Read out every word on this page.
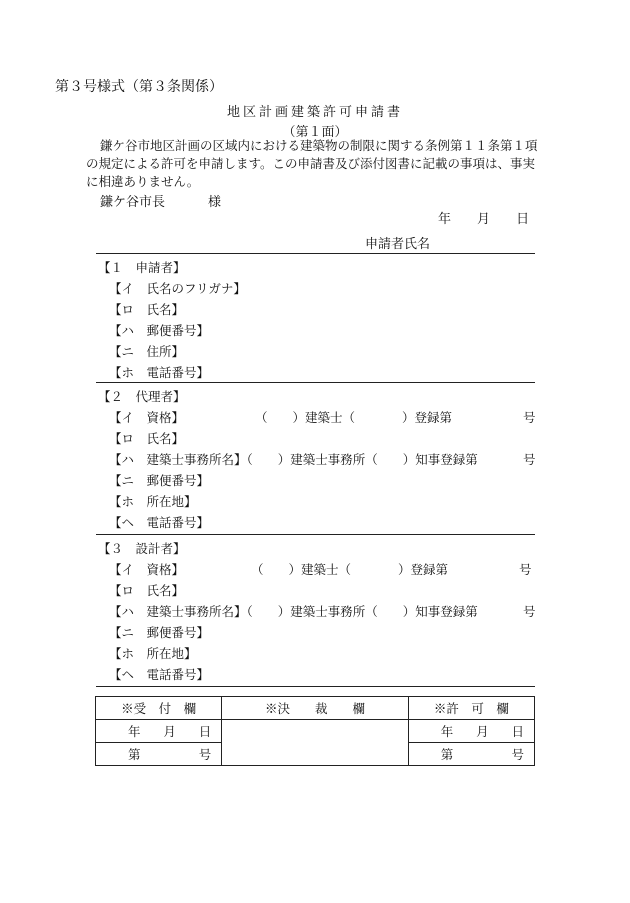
第３号様式（第３条関係）
地区計画建築許可申請書
（第１面）
鎌ケ谷市地区計画の区域内における建築物の制限に関する条例第１１条第１項の規定による許可を申請します。この申請書及び添付図書に記載の事項は、事実に相違ありません。
鎌ケ谷市長	様
年　　 月　　 日
申請者氏名
【１　申請者】
【イ　氏名のフリガナ】
【ロ　氏名】
【ハ　郵便番号】
【ニ　住所】
【ホ　電話番号】
【２　代理者】
【イ　資格】	（　　）建築士（	）登録第	号
【ロ　氏名】
【ハ　建築士事務所名】（　　）建築士事務所（　　）知事登録第	号
【ニ　郵便番号】
【ホ　所在地】
【ヘ　電話番号】
【３　設計者】
【イ　資格】	（　　）建築士（	）登録第	号
【ロ　氏名】
【ハ　建築士事務所名】（　　）建築士事務所（　　）知事登録第	号
【ニ　郵便番号】
【ホ　所在地】
【ヘ　電話番号】
※受　付　欄	※決　　裁　　欄	※許　可　欄

年 月 日		年 月 日

第 号		第 号
